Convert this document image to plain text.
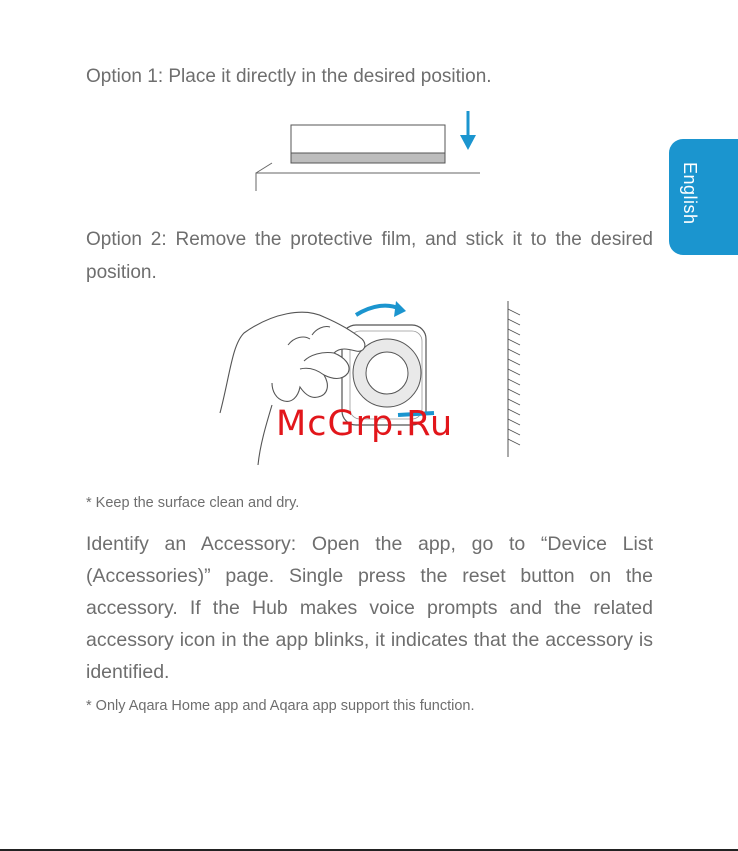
Option 1: Place it directly in the desired position.

Option 2: Remove the protective film, and stick it to the desired position.

McGrp.Ru

* Keep the surface clean and dry.

Identify an Accessory: Open the app, go to “Device List (Accessories)” page. Single press the reset button on the accessory. If the Hub makes voice prompts and the related accessory icon in the app blinks, it indicates that the accessory is identified.

* Only Aqara Home app and Aqara app support this function.

English
